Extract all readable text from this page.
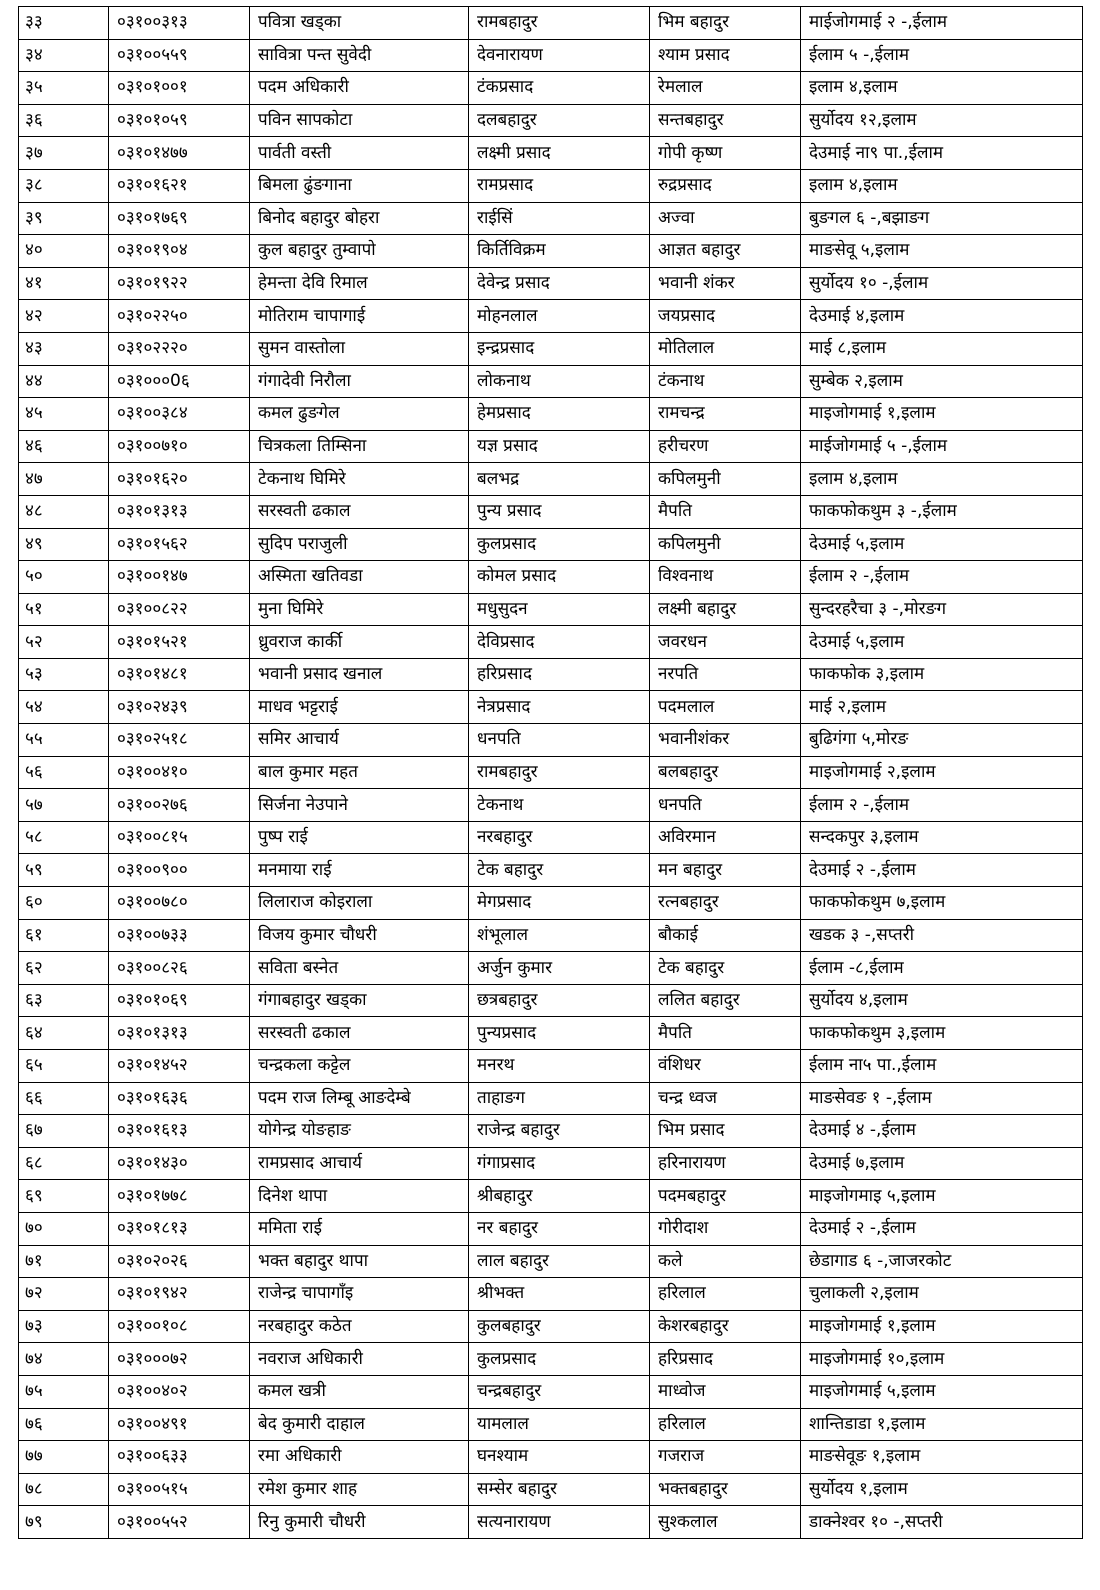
३३	०३१००३१३	पवित्रा खड्का	रामबहादुर	भिम बहादुर	माईजोगमाई २ -,ईलाम
३४	०३१००५५९	सावित्रा पन्त सुवेदी	देवनारायण	श्याम प्रसाद	ईलाम ५ -,ईलाम
३५	०३१०१००१	पदम अधिकारी	टंकप्रसाद	रेमलाल	इलाम ४,इलाम
३६	०३१०१०५९	पविन सापकोटा	दलबहादुर	सन्तबहादुर	सुर्योदय १२,इलाम
३७	०३१०१४७७	पार्वती वस्ती	लक्ष्मी प्रसाद	गोपी कृष्ण	देउमाई ना९ पा.,ईलाम
३८	०३१०१६२१	बिमला ढुंङगाना	रामप्रसाद	रुद्रप्रसाद	इलाम ४,इलाम
३९	०३१०१७६९	बिनोद बहादुर बोहरा	राईसिं	अज्वा	बुङगल ६ -,बझाङग
४०	०३१०१९०४	कुल बहादुर तुम्वापो	किर्तिविक्रम	आज्ञत बहादुर	माङसेवू ५,इलाम
४१	०३१०१९२२	हेमन्ता देवि रिमाल	देवेन्द्र प्रसाद	भवानी शंकर	सुर्योदय १० -,ईलाम
४२	०३१०२२५०	मोतिराम चापागाई	मोहनलाल	जयप्रसाद	देउमाई ४,इलाम
४३	०३१०२२२०	सुमन वास्तोला	इन्द्रप्रसाद	मोतिलाल	माई ८,इलाम
४४	०३१०००0६	गंगादेवी निरौला	लोकनाथ	टंकनाथ	सुम्बेक २,इलाम
४५	०३१००३८४	कमल ढुङगेल	हेमप्रसाद	रामचन्द्र	माइजोगमाई १,इलाम
४६	०३१००७१०	चित्रकला तिम्सिना	यज्ञ प्रसाद	हरीचरण	माईजोगमाई ५ -,ईलाम
४७	०३१०१६२०	टेकनाथ घिमिरे	बलभद्र	कपिलमुनी	इलाम ४,इलाम
४८	०३१०१३१३	सरस्वती ढकाल	पुन्य प्रसाद	मैपति	फाकफोकथुम ३ -,ईलाम
४९	०३१०१५६२	सुदिप पराजुली	कुलप्रसाद	कपिलमुनी	देउमाई ५,इलाम
५०	०३१००१४७	अस्मिता खतिवडा	कोमल प्रसाद	विश्वनाथ	ईलाम २ -,ईलाम
५१	०३१००८२२	मुना घिमिरे	मधुसुदन	लक्ष्मी बहादुर	सुन्दरहरैचा ३ -,मोरङग
५२	०३१०१५२१	ध्रुवराज कार्की	देविप्रसाद	जवरधन	देउमाई ५,इलाम
५३	०३१०१४८१	भवानी प्रसाद खनाल	हरिप्रसाद	नरपति	फाकफोक ३,इलाम
५४	०३१०२४३९	माधव भट्टराई	नेत्रप्रसाद	पदमलाल	माई २,इलाम
५५	०३१०२५१८	समिर आचार्य	धनपति	भवानीशंकर	बुढिगंगा ५,मोरङ
५६	०३१००४१०	बाल कुमार महत	रामबहादुर	बलबहादुर	माइजोगमाई २,इलाम
५७	०३१००२७६	सिर्जना नेउपाने	टेकनाथ	धनपति	ईलाम २ -,ईलाम
५८	०३१००८१५	पुष्प राई	नरबहादुर	अविरमान	सन्दकपुर ३,इलाम
५९	०३१००९००	मनमाया राई	टेक बहादुर	मन बहादुर	देउमाई २ -,ईलाम
६०	०३१००७८०	लिलाराज कोइराला	मेगप्रसाद	रत्नबहादुर	फाकफोकथुम ७,इलाम
६१	०३१००७३३	विजय कुमार चौधरी	शंभूलाल	बौकाई	खडक ३ -,सप्तरी
६२	०३१००८२६	सविता बस्नेत	अर्जुन कुमार	टेक बहादुर	ईलाम -८,ईलाम
६३	०३१०१०६९	गंगाबहादुर खड्का	छत्रबहादुर	ललित बहादुर	सुर्योदय ४,इलाम
६४	०३१०१३१३	सरस्वती ढकाल	पुन्यप्रसाद	मैपति	फाकफोकथुम ३,इलाम
६५	०३१०१४५२	चन्द्रकला कट्टेल	मनरथ	वंशिधर	ईलाम ना५ पा.,ईलाम
६६	०३१०१६३६	पदम राज लिम्बू आङदेम्बे	ताहाङग	चन्द्र ध्वज	माङसेवङ १ -,ईलाम
६७	०३१०१६१३	योगेन्द्र योङहाङ	राजेन्द्र बहादुर	भिम प्रसाद	देउमाई ४ -,ईलाम
६८	०३१०१४३०	रामप्रसाद आचार्य	गंगाप्रसाद	हरिनारायण	देउमाई ७,इलाम
६९	०३१०१७७८	दिनेश थापा	श्रीबहादुर	पदमबहादुर	माइजोगमाइ ५,इलाम
७०	०३१०१८१३	ममिता राई	नर बहादुर	गोरीदाश	देउमाई २ -,ईलाम
७१	०३१०२०२६	भक्त बहादुर थापा	लाल बहादुर	कले	छेडागाड ६ -,जाजरकोट
७२	०३१०१९४२	राजेन्द्र चापागाँइ	श्रीभक्त	हरिलाल	चुलाकली २,इलाम
७३	०३१००१०८	नरबहादुर कठेत	कुलबहादुर	केशरबहादुर	माइजोगमाई १,इलाम
७४	०३१०००७२	नवराज अधिकारी	कुलप्रसाद	हरिप्रसाद	माइजोगमाई १०,इलाम
७५	०३१००४०२	कमल खत्री	चन्द्रबहादुर	माध्वोज	माइजोगमाई ५,इलाम
७६	०३१००४९१	बेद कुमारी दाहाल	यामलाल	हरिलाल	शान्तिडाडा १,इलाम
७७	०३१००६३३	रमा अधिकारी	घनश्याम	गजराज	माङसेवूङ १,इलाम
७८	०३१००५१५	रमेश कुमार शाह	सम्सेर बहादुर	भक्तबहादुर	सुर्योदय १,इलाम
७९	०३१००५५२	रिनु कुमारी चौधरी	सत्यनारायण	सुश्कलाल	डाक्नेश्वर १० -,सप्तरी
